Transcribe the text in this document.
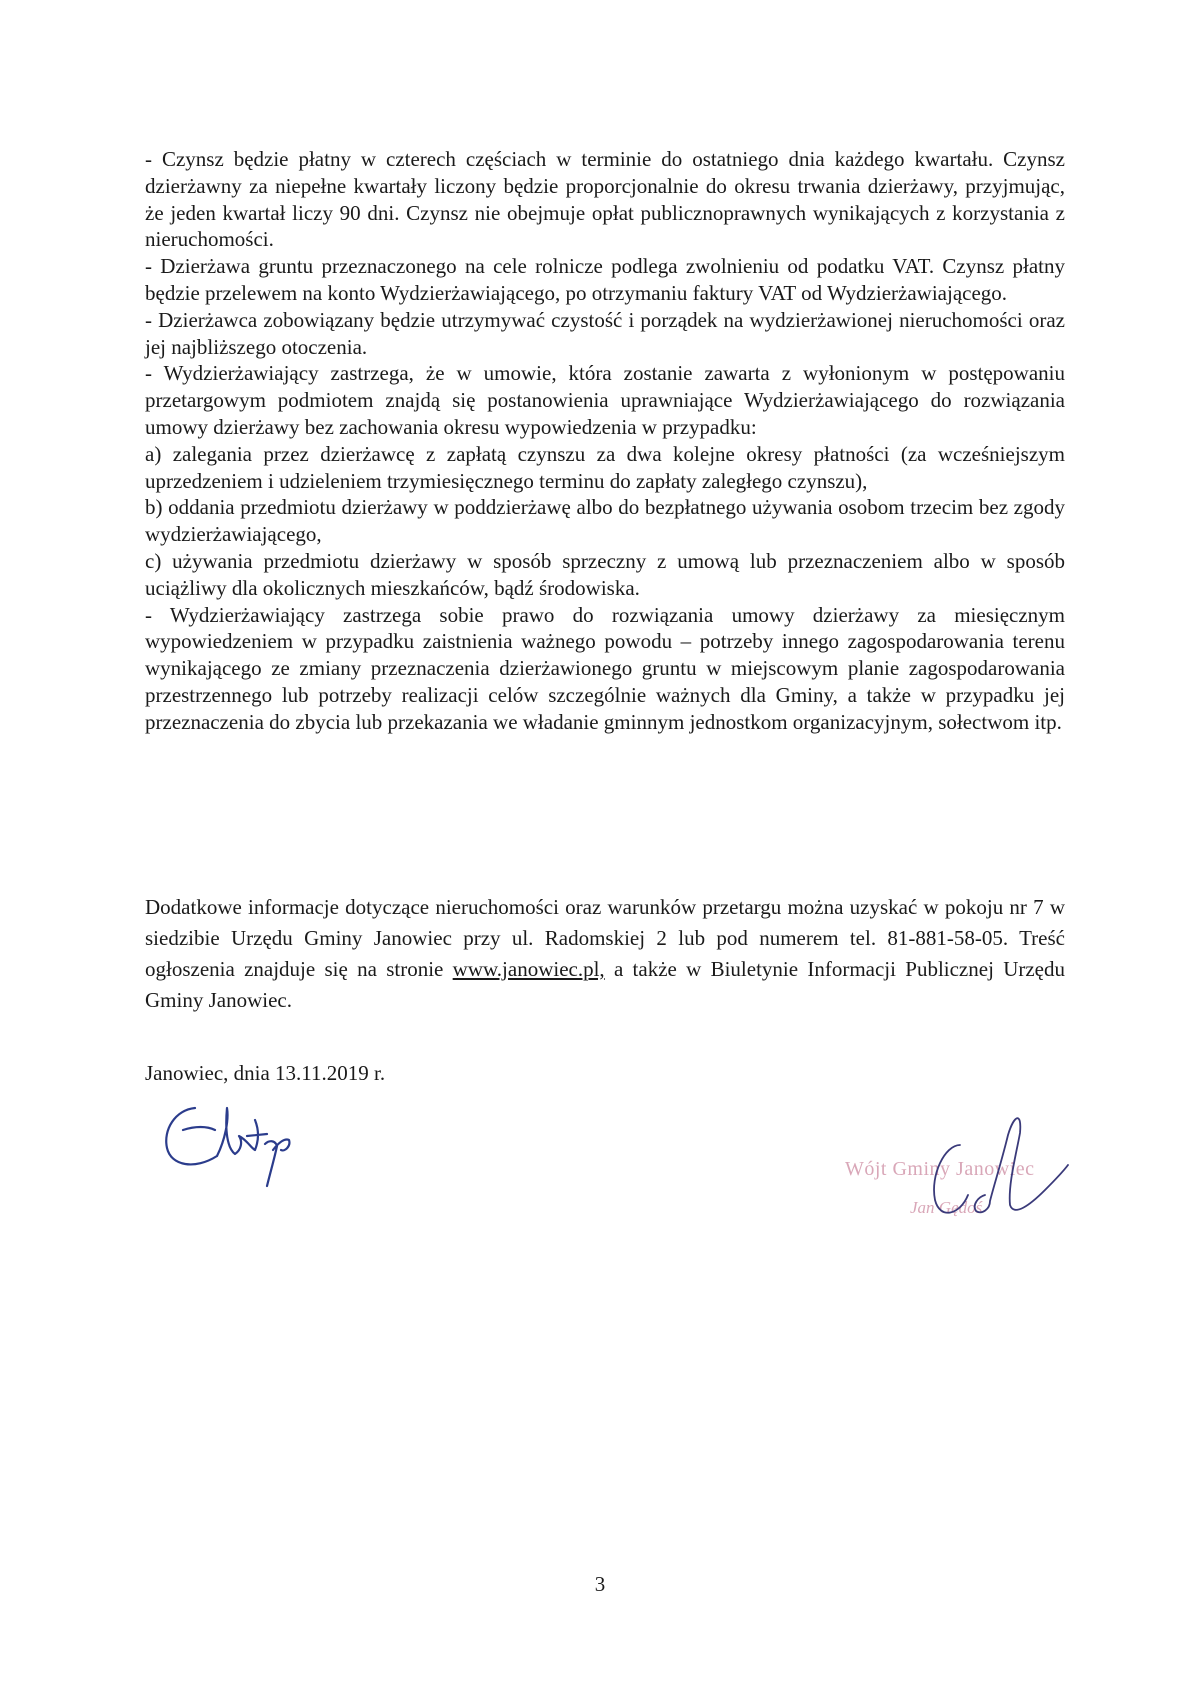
- Czynsz będzie płatny w czterech częściach w terminie do ostatniego dnia każdego kwartału. Czynsz dzierżawny za niepełne kwartały liczony będzie proporcjonalnie do okresu trwania dzierżawy, przyjmując, że jeden kwartał liczy 90 dni. Czynsz nie obejmuje opłat publicznoprawnych wynikających z korzystania z nieruchomości.

- Dzierżawa gruntu przeznaczonego na cele rolnicze podlega zwolnieniu od podatku VAT. Czynsz płatny będzie przelewem na konto Wydzierżawiającego, po otrzymaniu faktury VAT od Wydzierżawiającego.

- Dzierżawca zobowiązany będzie utrzymywać czystość i porządek na wydzierżawionej nieruchomości oraz jej najbliższego otoczenia.

- Wydzierżawiający zastrzega, że w umowie, która zostanie zawarta z wyłonionym w postępowaniu przetargowym podmiotem znajdą się postanowienia uprawniające Wydzierżawiającego do rozwiązania umowy dzierżawy bez zachowania okresu wypowiedzenia w przypadku:

a) zalegania przez dzierżawcę z zapłatą czynszu za dwa kolejne okresy płatności (za wcześniejszym uprzedzeniem i udzieleniem trzymiesięcznego terminu do zapłaty zaległego czynszu),

b) oddania przedmiotu dzierżawy w poddzierżawę albo do bezpłatnego używania osobom trzecim bez zgody wydzierżawiającego,

c) używania przedmiotu dzierżawy w sposób sprzeczny z umową lub przeznaczeniem albo w sposób uciążliwy dla okolicznych mieszkańców, bądź środowiska.

- Wydzierżawiający zastrzega sobie prawo do rozwiązania umowy dzierżawy za miesięcznym wypowiedzeniem w przypadku zaistnienia ważnego powodu – potrzeby innego zagospodarowania terenu wynikającego ze zmiany przeznaczenia dzierżawionego gruntu w miejscowym planie zagospodarowania przestrzennego lub potrzeby realizacji celów szczególnie ważnych dla Gminy, a także w przypadku jej przeznaczenia do zbycia lub przekazania we władanie gminnym jednostkom organizacyjnym, sołectwom itp.

Dodatkowe informacje dotyczące nieruchomości oraz warunków przetargu można uzyskać w pokoju nr 7 w siedzibie Urzędu Gminy Janowiec przy ul. Radomskiej 2 lub pod numerem tel. 81-881-58-05. Treść ogłoszenia znajduje się na stronie www.janowiec.pl, a także w Biuletynie Informacji Publicznej Urzędu Gminy Janowiec.

Janowiec, dnia 13.11.2019 r.

Wójt Gminy Janowiec
Jan Gędoś

3
